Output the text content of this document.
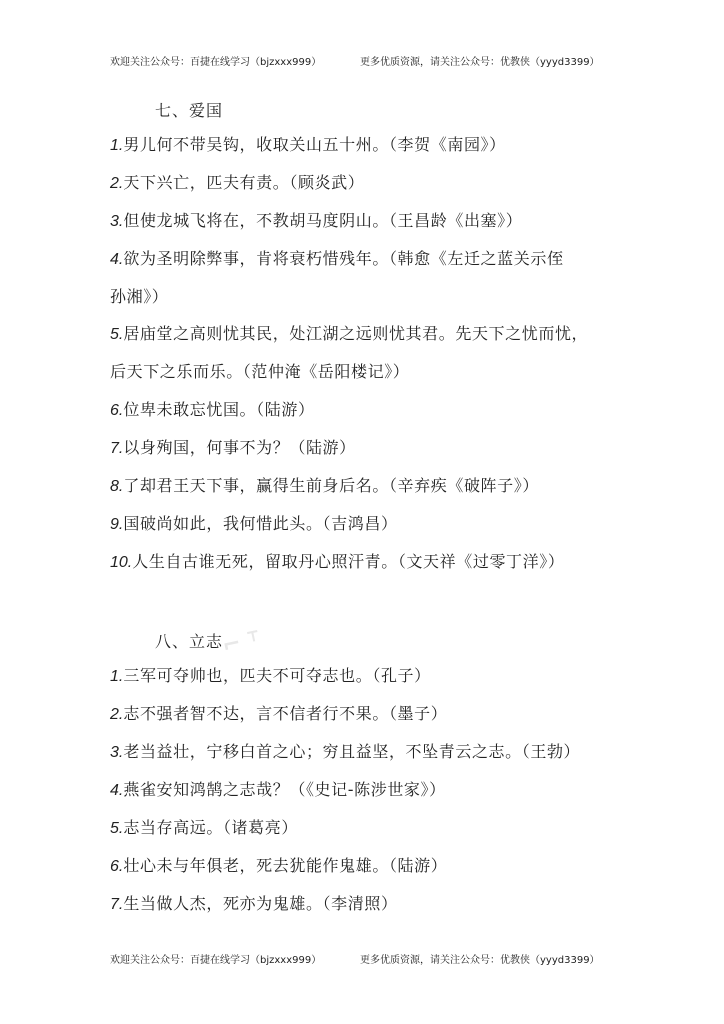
欢迎关注公众号：百捷在线学习（bjzxxx999）	更多优质资源，请关注公众号：优教侠（yyyd3399）
七、爱国
1.男儿何不带吴钩，收取关山五十州。（李贺《南园》）
2.天下兴亡，匹夫有责。（顾炎武）
3.但使龙城飞将在，不教胡马度阴山。（王昌龄《出塞》）
4.欲为圣明除弊事，肯将衰朽惜残年。（韩愈《左迁之蓝关示侄
孙湘》）
5.居庙堂之高则忧其民，处江湖之远则忧其君。先天下之忧而忧，
后天下之乐而乐。（范仲淹《岳阳楼记》）
6.位卑未敢忘忧国。（陆游）
7.以身殉国，何事不为？（陆游）
8.了却君王天下事，赢得生前身后名。（辛弃疾《破阵子》）
9.国破尚如此，我何惜此头。（吉鸿昌）
10.人生自古谁无死，留取丹心照汗青。（文天祥《过零丁洋》）
⌐⸆
八、立志
1.三军可夺帅也，匹夫不可夺志也。（孔子）
2.志不强者智不达，言不信者行不果。（墨子）
3.老当益壮，宁移白首之心；穷且益坚，不坠青云之志。（王勃）
4.燕雀安知鸿鹄之志哉？（《史记-陈涉世家》）
5.志当存高远。（诸葛亮）
6.壮心未与年俱老，死去犹能作鬼雄。（陆游）
7.生当做人杰，死亦为鬼雄。（李清照）
欢迎关注公众号：百捷在线学习（bjzxxx999）	更多优质资源，请关注公众号：优教侠（yyyd3399）
